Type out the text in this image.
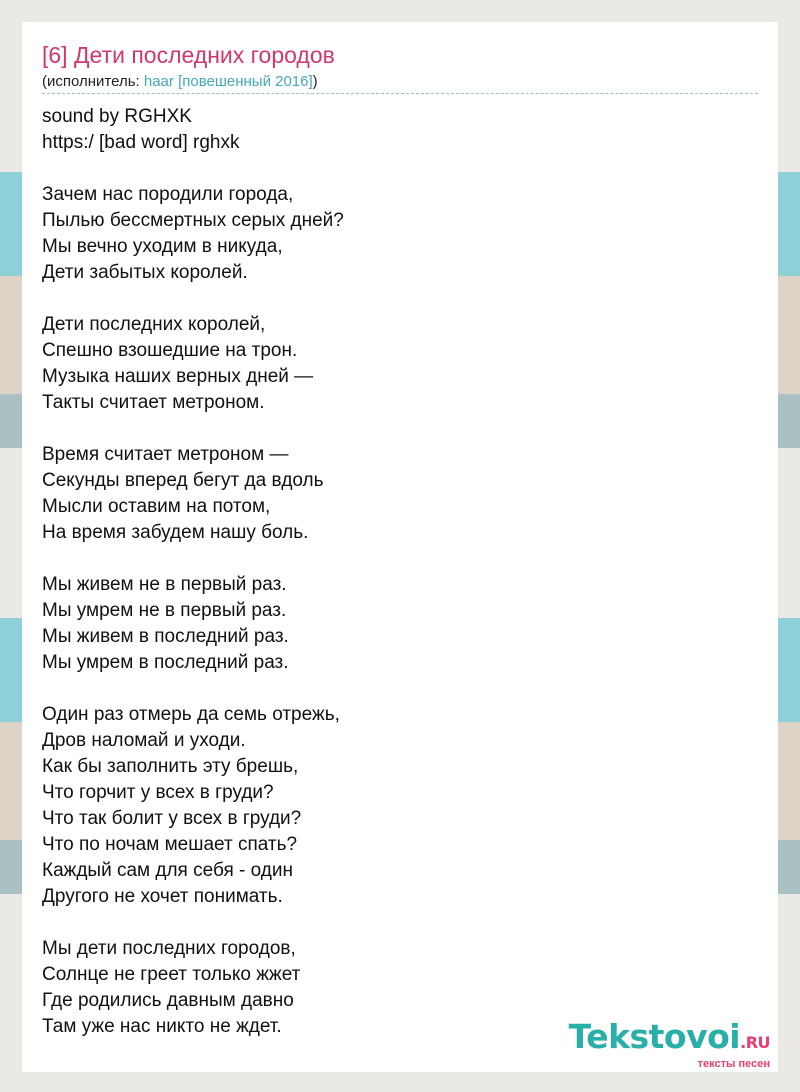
[6] Дети последних городов
(исполнитель: haar [повешенный 2016])
sound by RGHXK
https:/ [bad word] rghxk
Зачем нас породили города,
Пылью бессмертных серых дней?
Мы вечно уходим в никуда,
Дети забытых королей.
Дети последних королей,
Спешно взошедшие на трон.
Музыка наших верных дней —
Такты считает метроном.
Время считает метроном —
Секунды вперед бегут да вдоль
Мысли оставим на потом,
На время забудем нашу боль.
Мы живем не в первый раз.
Мы умрем не в первый раз.
Мы живем в последний раз.
Мы умрем в последний раз.
Один раз отмерь да семь отрежь,
Дров наломай и уходи.
Как бы заполнить эту брешь,
Что горчит у всех в груди?
Что так болит у всех в груди?
Что по ночам мешает спать?
Каждый сам для себя - один
Другого не хочет понимать.
Мы дети последних городов,
Солнце не греет только жжет
Где родились давным давно
Там уже нас никто не ждет.	Tekstovoi.RU
тексты песен
